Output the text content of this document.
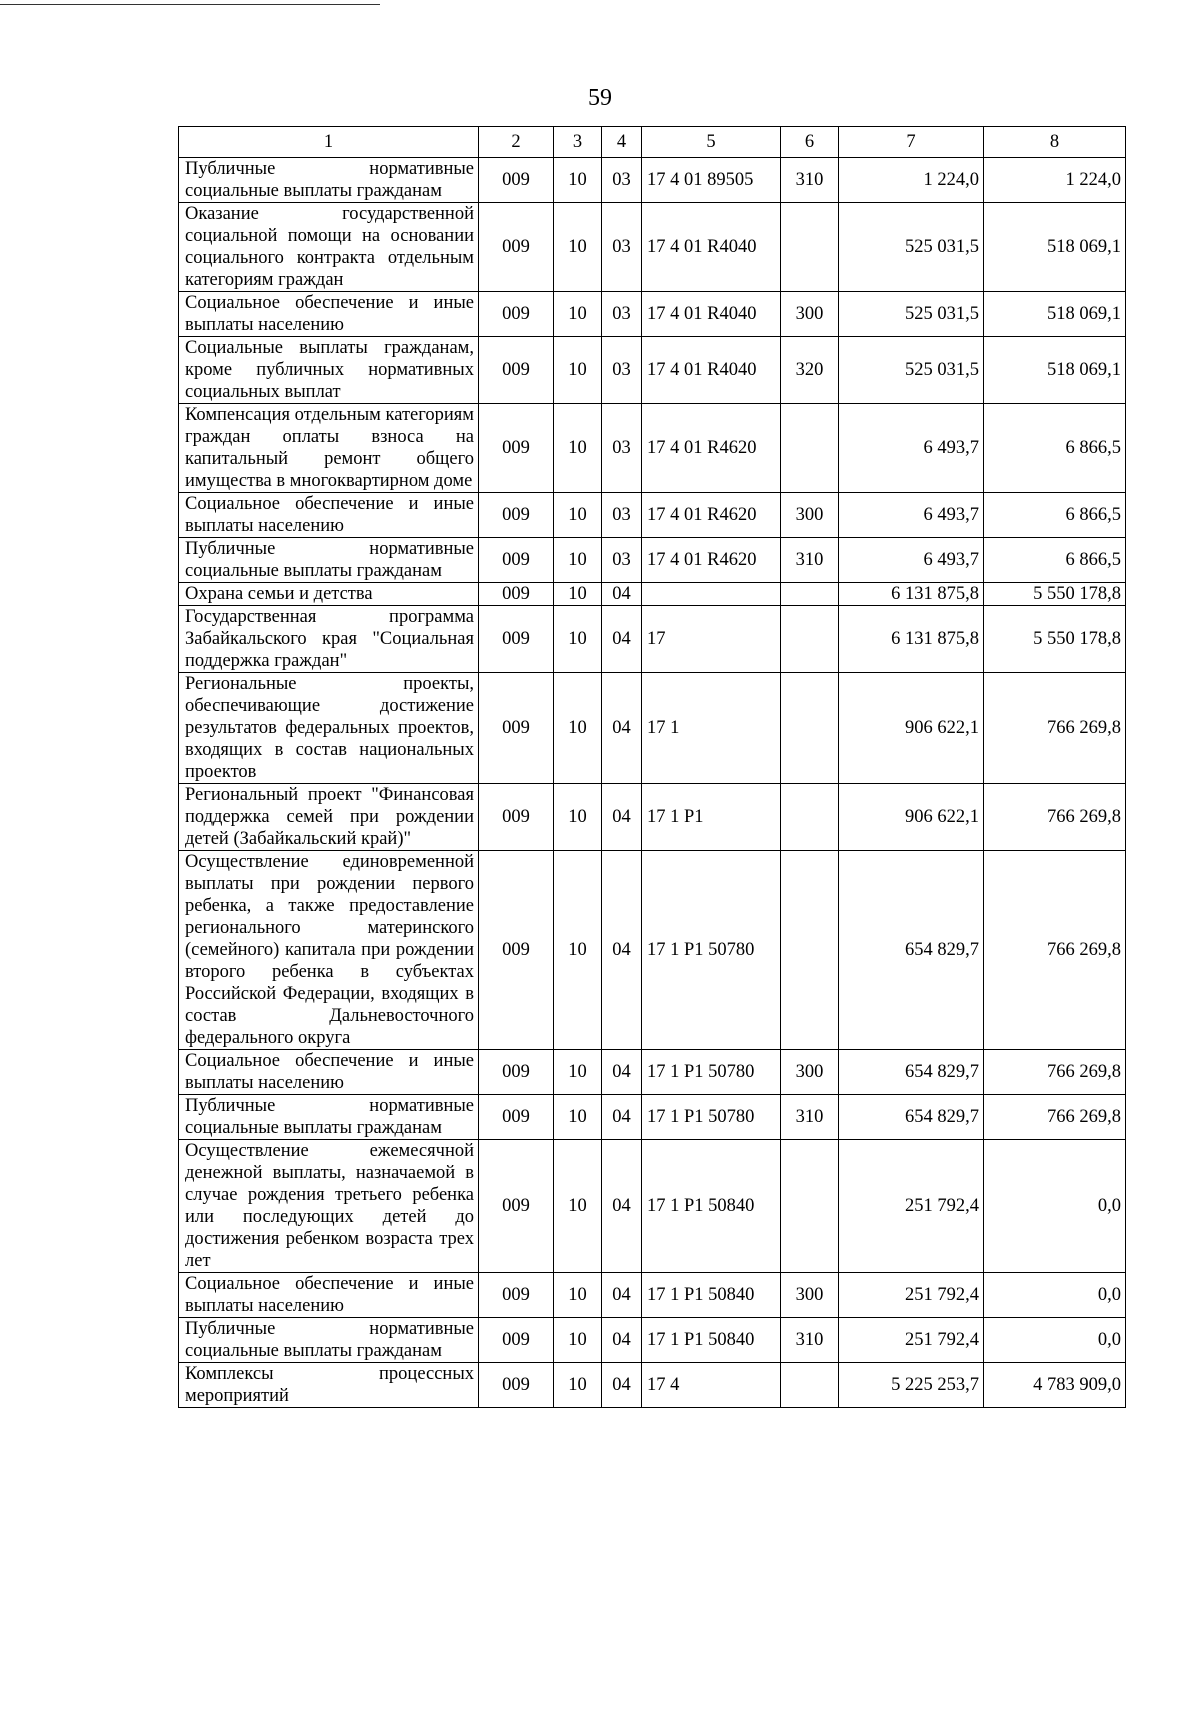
59
1	2	3	4	5	6	7	8
Публичные нормативные социальные выплаты гражданам	009	10	03	17 4 01 89505	310	1 224,0	1 224,0
Оказание государственной социальной помощи на основании социального контракта отдельным категориям граждан	009	10	03	17 4 01 R4040		525 031,5	518 069,1
Социальное обеспечение и иные выплаты населению	009	10	03	17 4 01 R4040	300	525 031,5	518 069,1
Социальные выплаты гражданам, кроме публичных нормативных социальных выплат	009	10	03	17 4 01 R4040	320	525 031,5	518 069,1
Компенсация отдельным категориям граждан оплаты взноса на капитальный ремонт общего имущества в многоквартирном доме	009	10	03	17 4 01 R4620		6 493,7	6 866,5
Социальное обеспечение и иные выплаты населению	009	10	03	17 4 01 R4620	300	6 493,7	6 866,5
Публичные нормативные социальные выплаты гражданам	009	10	03	17 4 01 R4620	310	6 493,7	6 866,5
Охрана семьи и детства	009	10	04			6 131 875,8	5 550 178,8
Государственная программа Забайкальского края "Социальная поддержка граждан"	009	10	04	17		6 131 875,8	5 550 178,8
Региональные проекты, обеспечивающие достижение результатов федеральных проектов, входящих в состав национальных проектов	009	10	04	17 1		906 622,1	766 269,8
Региональный проект "Финансовая поддержка семей при рождении детей (Забайкальский край)"	009	10	04	17 1 P1		906 622,1	766 269,8
Осуществление единовременной выплаты при рождении первого ребенка, а также предоставление регионального материнского (семейного) капитала при рождении второго ребенка в субъектах Российской Федерации, входящих в состав Дальневосточного федерального округа	009	10	04	17 1 P1 50780		654 829,7	766 269,8
Социальное обеспечение и иные выплаты населению	009	10	04	17 1 P1 50780	300	654 829,7	766 269,8
Публичные нормативные социальные выплаты гражданам	009	10	04	17 1 P1 50780	310	654 829,7	766 269,8
Осуществление ежемесячной денежной выплаты, назначаемой в случае рождения третьего ребенка или последующих детей до достижения ребенком возраста трех лет	009	10	04	17 1 P1 50840		251 792,4	0,0
Социальное обеспечение и иные выплаты населению	009	10	04	17 1 P1 50840	300	251 792,4	0,0
Публичные нормативные социальные выплаты гражданам	009	10	04	17 1 P1 50840	310	251 792,4	0,0
Комплексы процессных мероприятий	009	10	04	17 4		5 225 253,7	4 783 909,0
